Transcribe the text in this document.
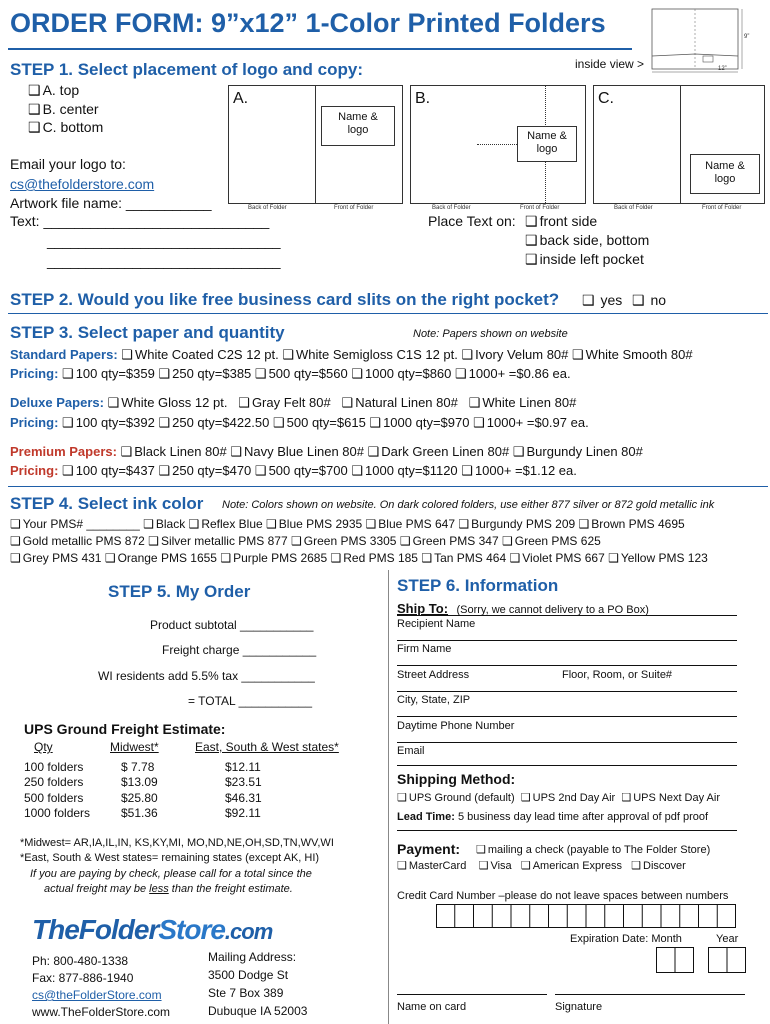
ORDER FORM: 9”x12” 1-Color Printed Folders	9”
12”
inside view >
STEP 1. Select placement of logo and copy:
❑ A. top
❑ B. center
❑ C. bottom
Email your logo to:
cs@thefolderstore.com
Artwork file name: ___________
Text: _____________________________
______________________________
______________________________
A.
Name &
logo
Back of Folder	Front of Folder
B.
Name &
logo
Back of Folder	Front of Folder
C.
Name &
logo
Back of Folder	Front of Folder
Place Text on: ❑	front side
❑ back side, bottom
❑ inside left pocket
STEP 2. Would you like free business card slits on the right pocket? ❑	yes ❑	no
STEP 3. Select paper and quantity	Note: Papers shown on website
Standard Papers: ❑ White Coated C2S 12 pt. ❑ White Semigloss C1S 12 pt. ❑ Ivory Velum 80# ❑ White Smooth 80#
Pricing: ❑ 100 qty=$359 ❑ 250 qty=$385 ❑ 500 qty=$560 ❑ 1000 qty=$860 ❑ 1000+ =$0.86 ea.
Deluxe Papers: ❑ White Gloss 12 pt. ❑ Gray Felt 80# ❑ Natural Linen 80# ❑ White Linen 80#
Pricing: ❑ 100 qty=$392 ❑ 250 qty=$422.50 ❑ 500 qty=$615 ❑ 1000 qty=$970 ❑ 1000+ =$0.97 ea.
Premium Papers: ❑ Black Linen 80# ❑ Navy Blue Linen 80# ❑ Dark Green Linen 80# ❑ Burgundy Linen 80#
Pricing: ❑ 100 qty=$437 ❑ 250 qty=$470 ❑ 500 qty=$700 ❑ 1000 qty=$1120 ❑ 1000+ =$1.12 ea.
STEP 4. Select ink color Note: Colors shown on website. On dark colored folders, use either 877 silver or 872 gold metallic ink
❑ Your PMS# ________ ❑ Black ❑ Reflex Blue ❑ Blue PMS 2935 ❑ Blue PMS 647 ❑ Burgundy PMS 209 ❑ Brown PMS 4695
❑ Gold metallic PMS 872 ❑ Silver metallic PMS 877 ❑ Green PMS 3305 ❑ Green PMS 347 ❑ Green PMS 625
❑ Grey PMS 431 ❑ Orange PMS 1655 ❑ Purple PMS 2685 ❑ Red PMS 185 ❑ Tan PMS 464 ❑ Violet PMS 667 ❑ Yellow PMS 123
STEP 5. My Order
Product subtotal ___________
Freight charge ___________
WI residents add 5.5% tax ___________
= TOTAL ___________
UPS Ground Freight Estimate:
Qty	Midwest*	East, South & West states*
100 folders	$ 7.78	$12.11
250 folders	$13.09	$23.51
500 folders	$25.80	$46.31
1000 folders	$51.36	$92.11
*Midwest= AR,IA,IL,IN, KS,KY,MI, MO,ND,NE,OH,SD,TN,WV,WI
*East, South & West states= remaining states (except AK, HI)
If you are paying by check, please call for a total since the
actual freight may be less than the freight estimate.
TheFolderStore.com
Ph: 800-480-1338
Fax: 877-886-1940
cs@theFolderStore.com
www.TheFolderStore.com
Mailing Address:
3500 Dodge St
Ste 7 Box 389
Dubuque IA 52003
STEP 6. Information
Ship To: (Sorry, we cannot delivery to a PO Box)
Recipient Name
Firm Name
Street Address	Floor, Room, or Suite#
City, State, ZIP
Daytime Phone Number
Email
Shipping Method:
❑ UPS Ground (default) ❑ UPS 2nd Day Air ❑ UPS Next Day Air
Lead Time: 5 business day lead time after approval of pdf proof
Payment: ❑	mailing a check (payable to The Folder Store)
❑ MasterCard ❑ Visa ❑ American Express ❑ Discover
Credit Card Number –please do not leave spaces between numbers
Expiration Date: Month	Year
Name on card	Signature
